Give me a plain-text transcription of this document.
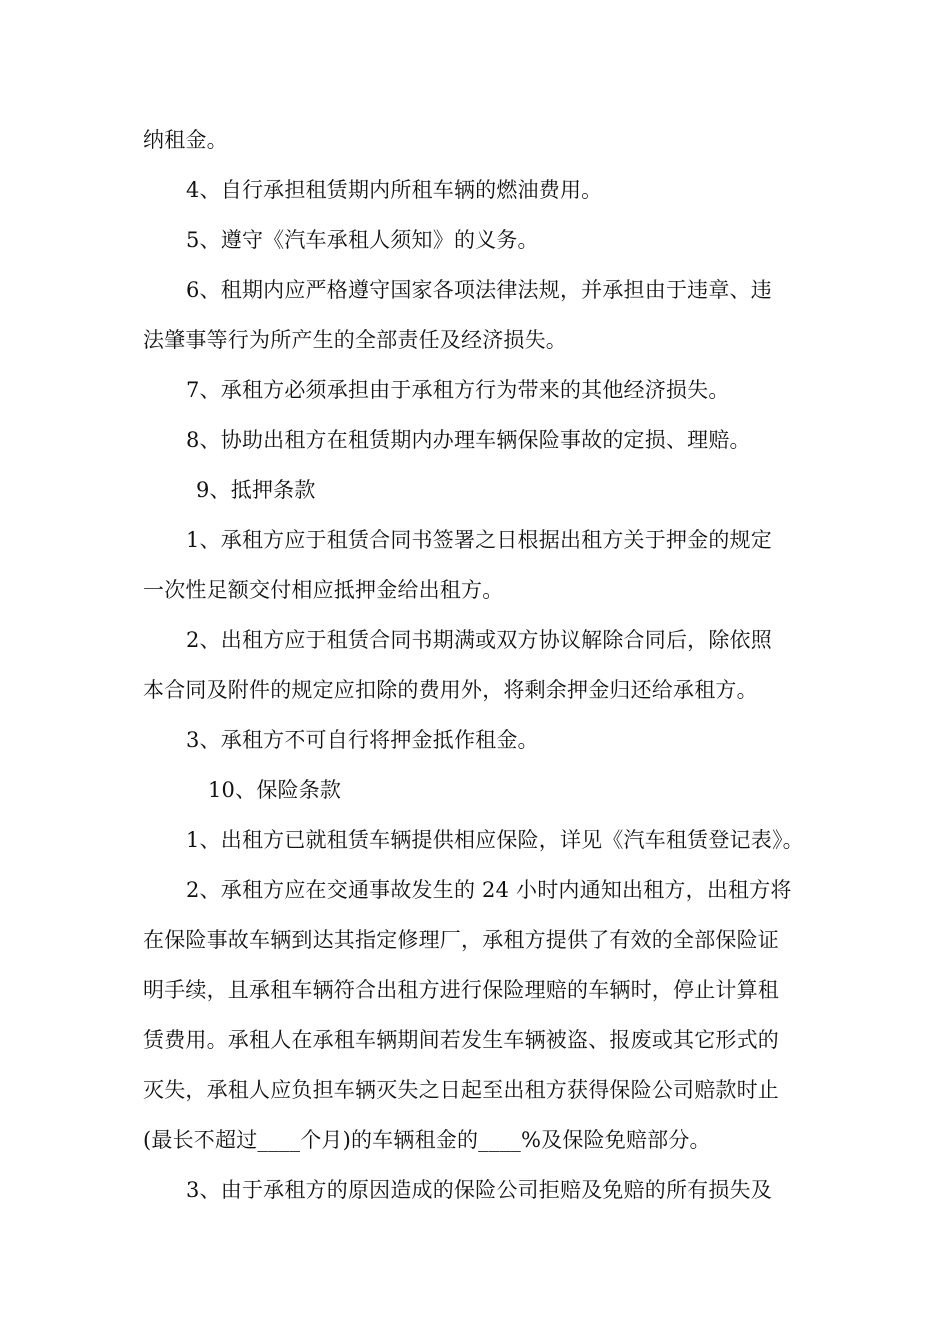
纳租金。
4、自行承担租赁期内所租车辆的燃油费用。
5、遵守《汽车承租人须知》的义务。
6、租期内应严格遵守国家各项法律法规，并承担由于违章、违
法肇事等行为所产生的全部责任及经济损失。
7、承租方必须承担由于承租方行为带来的其他经济损失。
8、协助出租方在租赁期内办理车辆保险事故的定损、理赔。
9、抵押条款
1、承租方应于租赁合同书签署之日根据出租方关于押金的规定
一次性足额交付相应抵押金给出租方。
2、出租方应于租赁合同书期满或双方协议解除合同后，除依照
本合同及附件的规定应扣除的费用外，将剩余押金归还给承租方。
3、承租方不可自行将押金抵作租金。
10、保险条款
1、出租方已就租赁车辆提供相应保险，详见《汽车租赁登记表》。
2、承租方应在交通事故发生的 24 小时内通知出租方，出租方将
在保险事故车辆到达其指定修理厂，承租方提供了有效的全部保险证
明手续，且承租车辆符合出租方进行保险理赔的车辆时，停止计算租
赁费用。承租人在承租车辆期间若发生车辆被盗、报废或其它形式的
灭失，承租人应负担车辆灭失之日起至出租方获得保险公司赔款时止
(最长不超过____个月)的车辆租金的____%及保险免赔部分。
3、由于承租方的原因造成的保险公司拒赔及免赔的所有损失及
